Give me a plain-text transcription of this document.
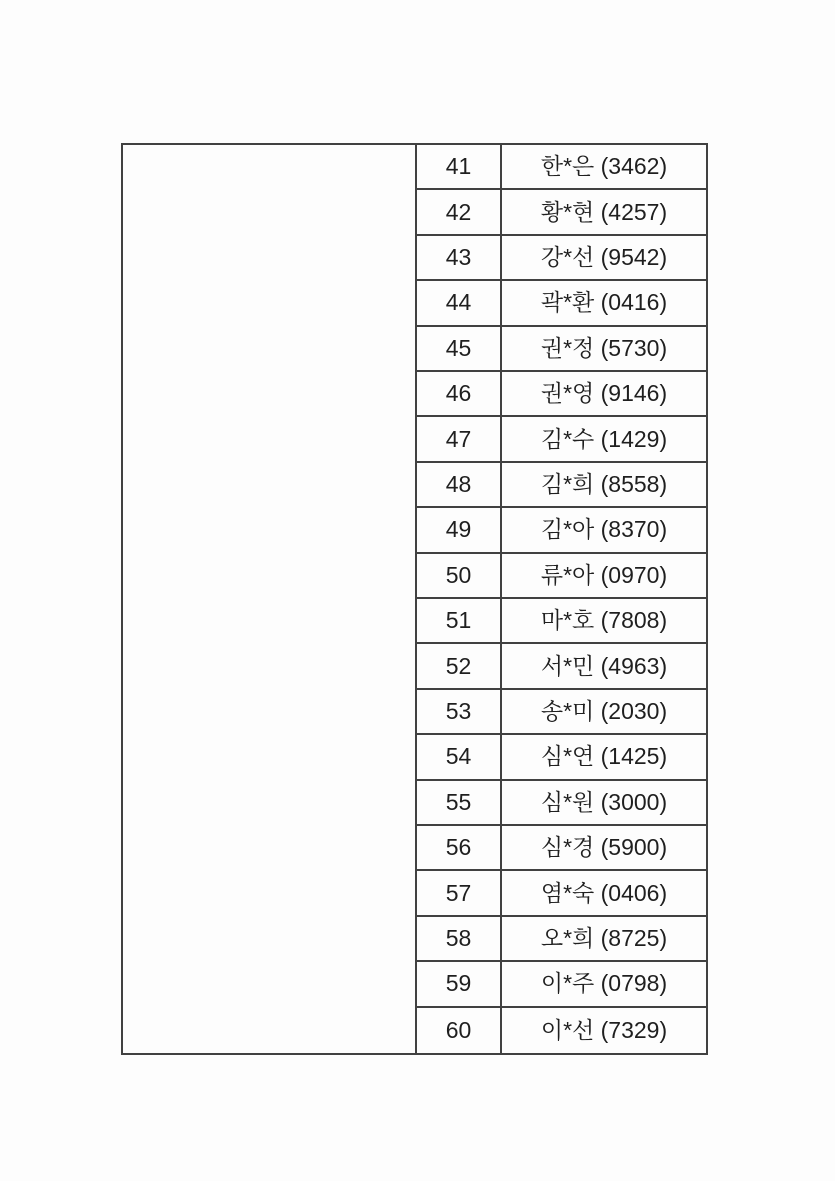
41	한*은 (3462)
42	황*현 (4257)
43	강*선 (9542)
44	곽*환 (0416)
45	권*정 (5730)
46	권*영 (9146)
47	김*수 (1429)
48	김*희 (8558)
49	김*아 (8370)
50	류*아 (0970)
51	마*호 (7808)
52	서*민 (4963)
53	송*미 (2030)
54	심*연 (1425)
55	심*원 (3000)
56	심*경 (5900)
57	염*숙 (0406)
58	오*희 (8725)
59	이*주 (0798)
60	이*선 (7329)
